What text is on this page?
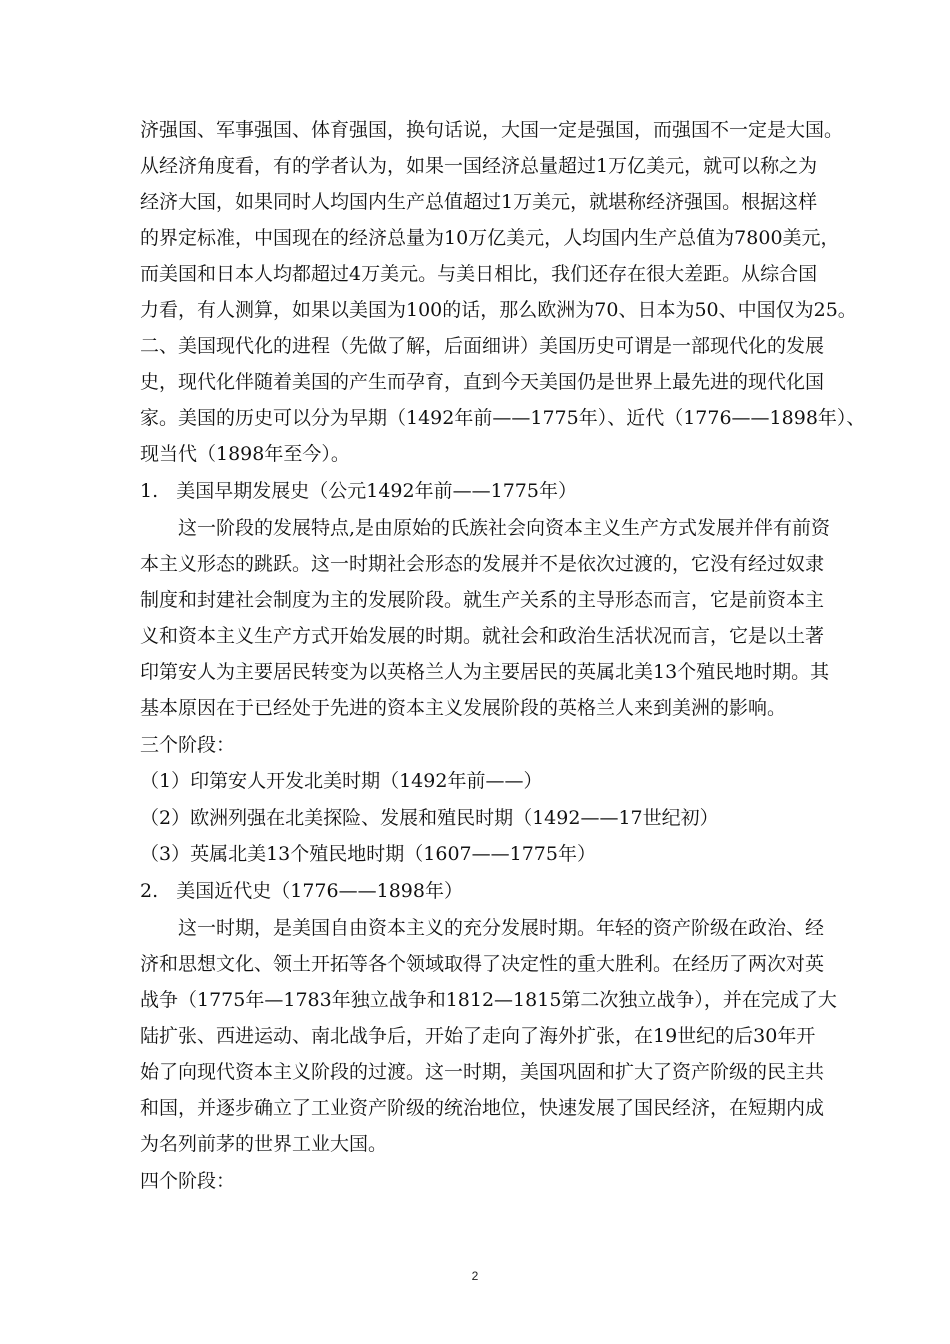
济强国、军事强国、体育强国，换句话说，大国一定是强国，而强国不一定是大国。
从经济角度看，有的学者认为，如果一国经济总量超过1万亿美元，就可以称之为
经济大国，如果同时人均国内生产总值超过1万美元，就堪称经济强国。根据这样
的界定标准，中国现在的经济总量为10万亿美元，人均国内生产总值为7800美元，
而美国和日本人均都超过4万美元。与美日相比，我们还存在很大差距。从综合国
力看，有人测算，如果以美国为100的话，那么欧洲为70、日本为50、中国仅为25。
二、美国现代化的进程（先做了解，后面细讲）美国历史可谓是一部现代化的发展
史，现代化伴随着美国的产生而孕育，直到今天美国仍是世界上最先进的现代化国
家。美国的历史可以分为早期（1492年前——1775年）、近代（1776——1898年）、
现当代（1898年至今）。
1.   美国早期发展史（公元1492年前——1775年）
这一阶段的发展特点,是由原始的氏族社会向资本主义生产方式发展并伴有前资
本主义形态的跳跃。这一时期社会形态的发展并不是依次过渡的，它没有经过奴隶
制度和封建社会制度为主的发展阶段。就生产关系的主导形态而言，它是前资本主
义和资本主义生产方式开始发展的时期。就社会和政治生活状况而言，它是以土著
印第安人为主要居民转变为以英格兰人为主要居民的英属北美13个殖民地时期。其
基本原因在于已经处于先进的资本主义发展阶段的英格兰人来到美洲的影响。
三个阶段：
（1）印第安人开发北美时期（1492年前——）
（2）欧洲列强在北美探险、发展和殖民时期（1492——17世纪初）
（3）英属北美13个殖民地时期（1607——1775年）
2.   美国近代史（1776——1898年）
这一时期，是美国自由资本主义的充分发展时期。年轻的资产阶级在政治、经
济和思想文化、领土开拓等各个领域取得了决定性的重大胜利。在经历了两次对英
战争（1775年—1783年独立战争和1812—1815第二次独立战争），并在完成了大
陆扩张、西进运动、南北战争后，开始了走向了海外扩张，在19世纪的后30年开
始了向现代资本主义阶段的过渡。这一时期，美国巩固和扩大了资产阶级的民主共
和国，并逐步确立了工业资产阶级的统治地位，快速发展了国民经济，在短期内成
为名列前茅的世界工业大国。
四个阶段：
2
